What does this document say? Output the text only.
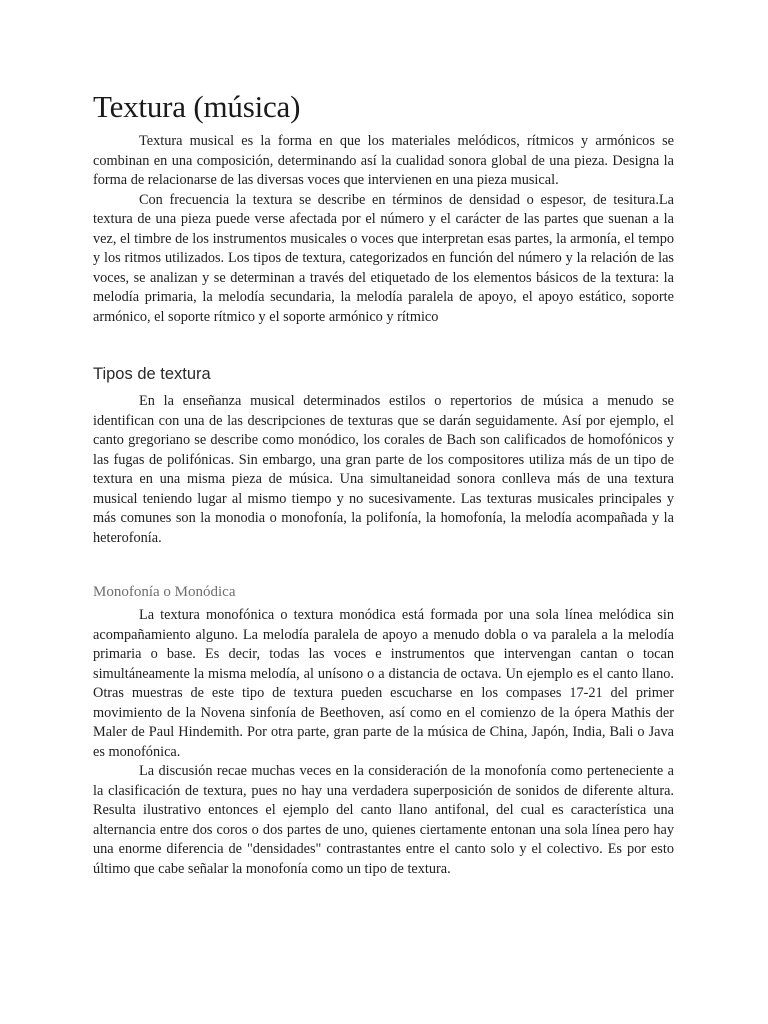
Textura (música)

Textura musical es la forma en que los materiales melódicos, rítmicos y armónicos se combinan en una composición, determinando así la cualidad sonora global de una pieza. Designa la forma de relacionarse de las diversas voces que intervienen en una pieza musical.

Con frecuencia la textura se describe en términos de densidad o espesor, de tesitura.La textura de una pieza puede verse afectada por el número y el carácter de las partes que suenan a la vez, el timbre de los instrumentos musicales o voces que interpretan esas partes, la armonía, el tempo y los ritmos utilizados. Los tipos de textura, categorizados en función del número y la relación de las voces, se analizan y se determinan a través del etiquetado de los elementos básicos de la textura: la melodía primaria, la melodía secundaria, la melodía paralela de apoyo, el apoyo estático, soporte armónico, el soporte rítmico y el soporte armónico y rítmico

Tipos de textura

En la enseñanza musical determinados estilos o repertorios de música a menudo se identifican con una de las descripciones de texturas que se darán seguidamente. Así por ejemplo, el canto gregoriano se describe como monódico, los corales de Bach son calificados de homofónicos y las fugas de polifónicas. Sin embargo, una gran parte de los compositores utiliza más de un tipo de textura en una misma pieza de música. Una simultaneidad sonora conlleva más de una textura musical teniendo lugar al mismo tiempo y no sucesivamente. Las texturas musicales principales y más comunes son la monodia o monofonía, la polifonía, la homofonía, la melodía acompañada y la heterofonía.

Monofonía o Monódica

La textura monofónica o textura monódica está formada por una sola línea melódica sin acompañamiento alguno. La melodía paralela de apoyo a menudo dobla o va paralela a la melodía primaria o base. Es decir, todas las voces e instrumentos que intervengan cantan o tocan simultáneamente la misma melodía, al unísono o a distancia de octava. Un ejemplo es el canto llano. Otras muestras de este tipo de textura pueden escucharse en los compases 17-21 del primer movimiento de la Novena sinfonía de Beethoven, así como en el comienzo de la ópera Mathis der Maler de Paul Hindemith. Por otra parte, gran parte de la música de China, Japón, India, Bali o Java es monofónica.

La discusión recae muchas veces en la consideración de la monofonía como perteneciente a la clasificación de textura, pues no hay una verdadera superposición de sonidos de diferente altura. Resulta ilustrativo entonces el ejemplo del canto llano antifonal, del cual es característica una alternancia entre dos coros o dos partes de uno, quienes ciertamente entonan una sola línea pero hay una enorme diferencia de "densidades" contrastantes entre el canto solo y el colectivo. Es por esto último que cabe señalar la monofonía como un tipo de textura.
